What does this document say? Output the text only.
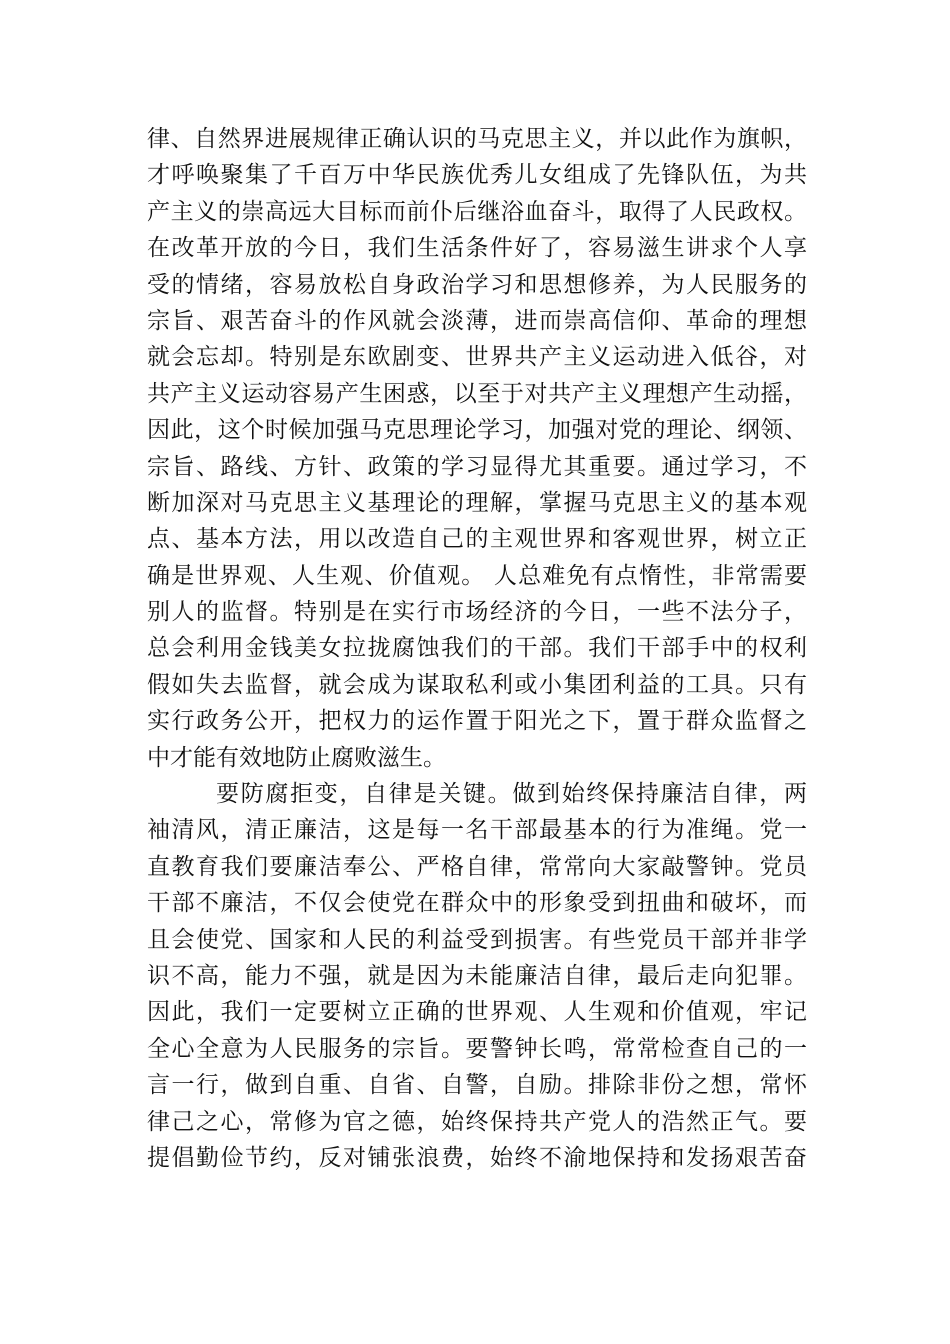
律、自然界进展规律正确认识的马克思主义，并以此作为旗帜，
才呼唤聚集了千百万中华民族优秀儿女组成了先锋队伍，为共
产主义的崇高远大目标而前仆后继浴血奋斗，取得了人民政权。
在改革开放的今日，我们生活条件好了，容易滋生讲求个人享
受的情绪，容易放松自身政治学习和思想修养，为人民服务的
宗旨、艰苦奋斗的作风就会淡薄，进而崇高信仰、革命的理想
就会忘却。特别是东欧剧变、世界共产主义运动进入低谷，对
共产主义运动容易产生困惑，以至于对共产主义理想产生动摇，
因此，这个时候加强马克思理论学习，加强对党的理论、纲领、
宗旨、路线、方针、政策的学习显得尤其重要。通过学习，不
断加深对马克思主义基理论的理解，掌握马克思主义的基本观
点、基本方法，用以改造自己的主观世界和客观世界，树立正
确是世界观、人生观、价值观。 人总难免有点惰性，非常需要
别人的监督。特别是在实行市场经济的今日，一些不法分子，
总会利用金钱美女拉拢腐蚀我们的干部。我们干部手中的权利
假如失去监督，就会成为谋取私利或小集团利益的工具。只有
实行政务公开，把权力的运作置于阳光之下，置于群众监督之
中才能有效地防止腐败滋生。
要防腐拒变，自律是关键。做到始终保持廉洁自律，两
袖清风，清正廉洁，这是每一名干部最基本的行为准绳。党一
直教育我们要廉洁奉公、严格自律，常常向大家敲警钟。党员
干部不廉洁，不仅会使党在群众中的形象受到扭曲和破坏，而
且会使党、国家和人民的利益受到损害。有些党员干部并非学
识不高，能力不强，就是因为未能廉洁自律，最后走向犯罪。
因此，我们一定要树立正确的世界观、人生观和价值观，牢记
全心全意为人民服务的宗旨。要警钟长鸣，常常检查自己的一
言一行，做到自重、自省、自警，自励。排除非份之想，常怀
律己之心，常修为官之德，始终保持共产党人的浩然正气。要
提倡勤俭节约，反对铺张浪费，始终不渝地保持和发扬艰苦奋
